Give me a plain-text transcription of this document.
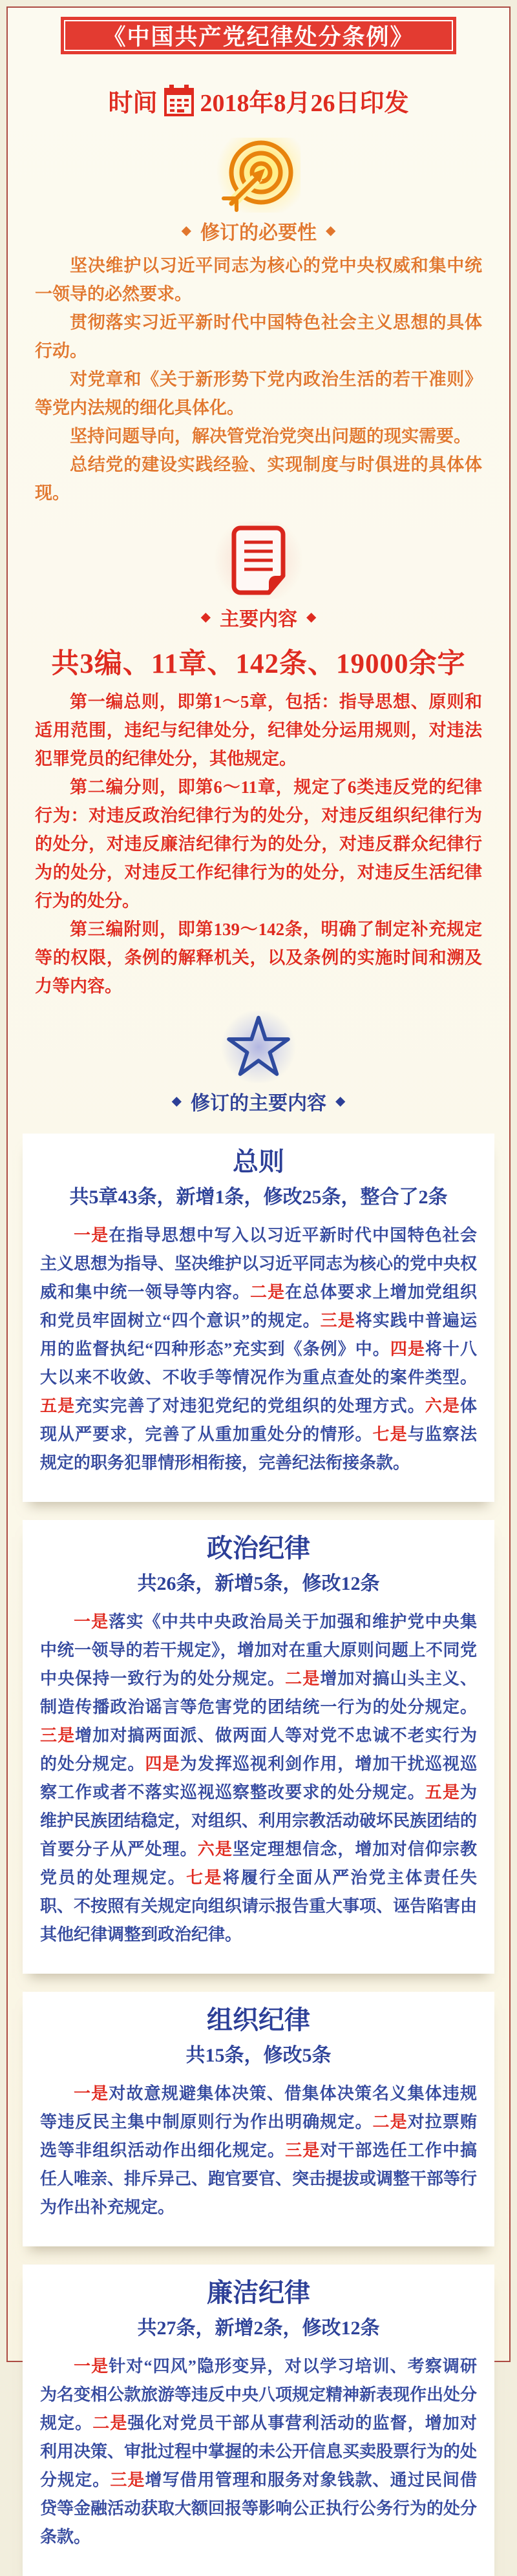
《中国共产党纪律处分条例》
时间 2018年8月26日印发
◆ 修订的必要性 ◆

坚决维护以习近平同志为核心的党中央权威和集中统一领导的必然要求。

贯彻落实习近平新时代中国特色社会主义思想的具体行动。

对党章和《关于新形势下党内政治生活的若干准则》等党内法规的细化具体化。

坚持问题导向，解决管党治党突出问题的现实需要。

总结党的建设实践经验、实现制度与时俱进的具体体现。

◆ 主要内容 ◆
共3编、11章、142条、19000余字

第一编总则，即第1～5章，包括：指导思想、原则和适用范围，违纪与纪律处分，纪律处分运用规则，对违法犯罪党员的纪律处分，其他规定。

第二编分则，即第6～11章，规定了6类违反党的纪律行为：对违反政治纪律行为的处分，对违反组织纪律行为的处分，对违反廉洁纪律行为的处分，对违反群众纪律行为的处分，对违反工作纪律行为的处分，对违反生活纪律行为的处分。

第三编附则，即第139～142条，明确了制定补充规定等的权限，条例的解释机关，以及条例的实施时间和溯及力等内容。

◆ 修订的主要内容 ◆
总则

共5章43条，新增1条，修改25条，整合了2条

一是在指导思想中写入以习近平新时代中国特色社会主义思想为指导、坚决维护以习近平同志为核心的党中央权威和集中统一领导等内容。二是在总体要求上增加党组织和党员牢固树立“四个意识”的规定。三是将实践中普遍运用的监督执纪“四种形态”充实到《条例》中。四是将十八大以来不收敛、不收手等情况作为重点查处的案件类型。五是充实完善了对违犯党纪的党组织的处理方式。六是体现从严要求，完善了从重加重处分的情形。七是与监察法规定的职务犯罪情形相衔接，完善纪法衔接条款。

政治纪律

共26条，新增5条，修改12条

一是落实《中共中央政治局关于加强和维护党中央集中统一领导的若干规定》，增加对在重大原则问题上不同党中央保持一致行为的处分规定。二是增加对搞山头主义、制造传播政治谣言等危害党的团结统一行为的处分规定。三是增加对搞两面派、做两面人等对党不忠诚不老实行为的处分规定。四是为发挥巡视利剑作用，增加干扰巡视巡察工作或者不落实巡视巡察整改要求的处分规定。五是为维护民族团结稳定，对组织、利用宗教活动破坏民族团结的首要分子从严处理。六是坚定理想信念，增加对信仰宗教党员的处理规定。七是将履行全面从严治党主体责任失职、不按照有关规定向组织请示报告重大事项、诬告陷害由其他纪律调整到政治纪律。

组织纪律

共15条，修改5条

一是对故意规避集体决策、借集体决策名义集体违规等违反民主集中制原则行为作出明确规定。二是对拉票贿选等非组织活动作出细化规定。三是对干部选任工作中搞任人唯亲、排斥异己、跑官要官、突击提拔或调整干部等行为作出补充规定。

廉洁纪律

共27条，新增2条，修改12条

一是针对“四风”隐形变异，对以学习培训、考察调研为名变相公款旅游等违反中央八项规定精神新表现作出处分规定。二是强化对党员干部从事营利活动的监督，增加对利用决策、审批过程中掌握的未公开信息买卖股票行为的处分规定。三是增写借用管理和服务对象钱款、通过民间借贷等金融活动获取大额回报等影响公正执行公务行为的处分条款。
